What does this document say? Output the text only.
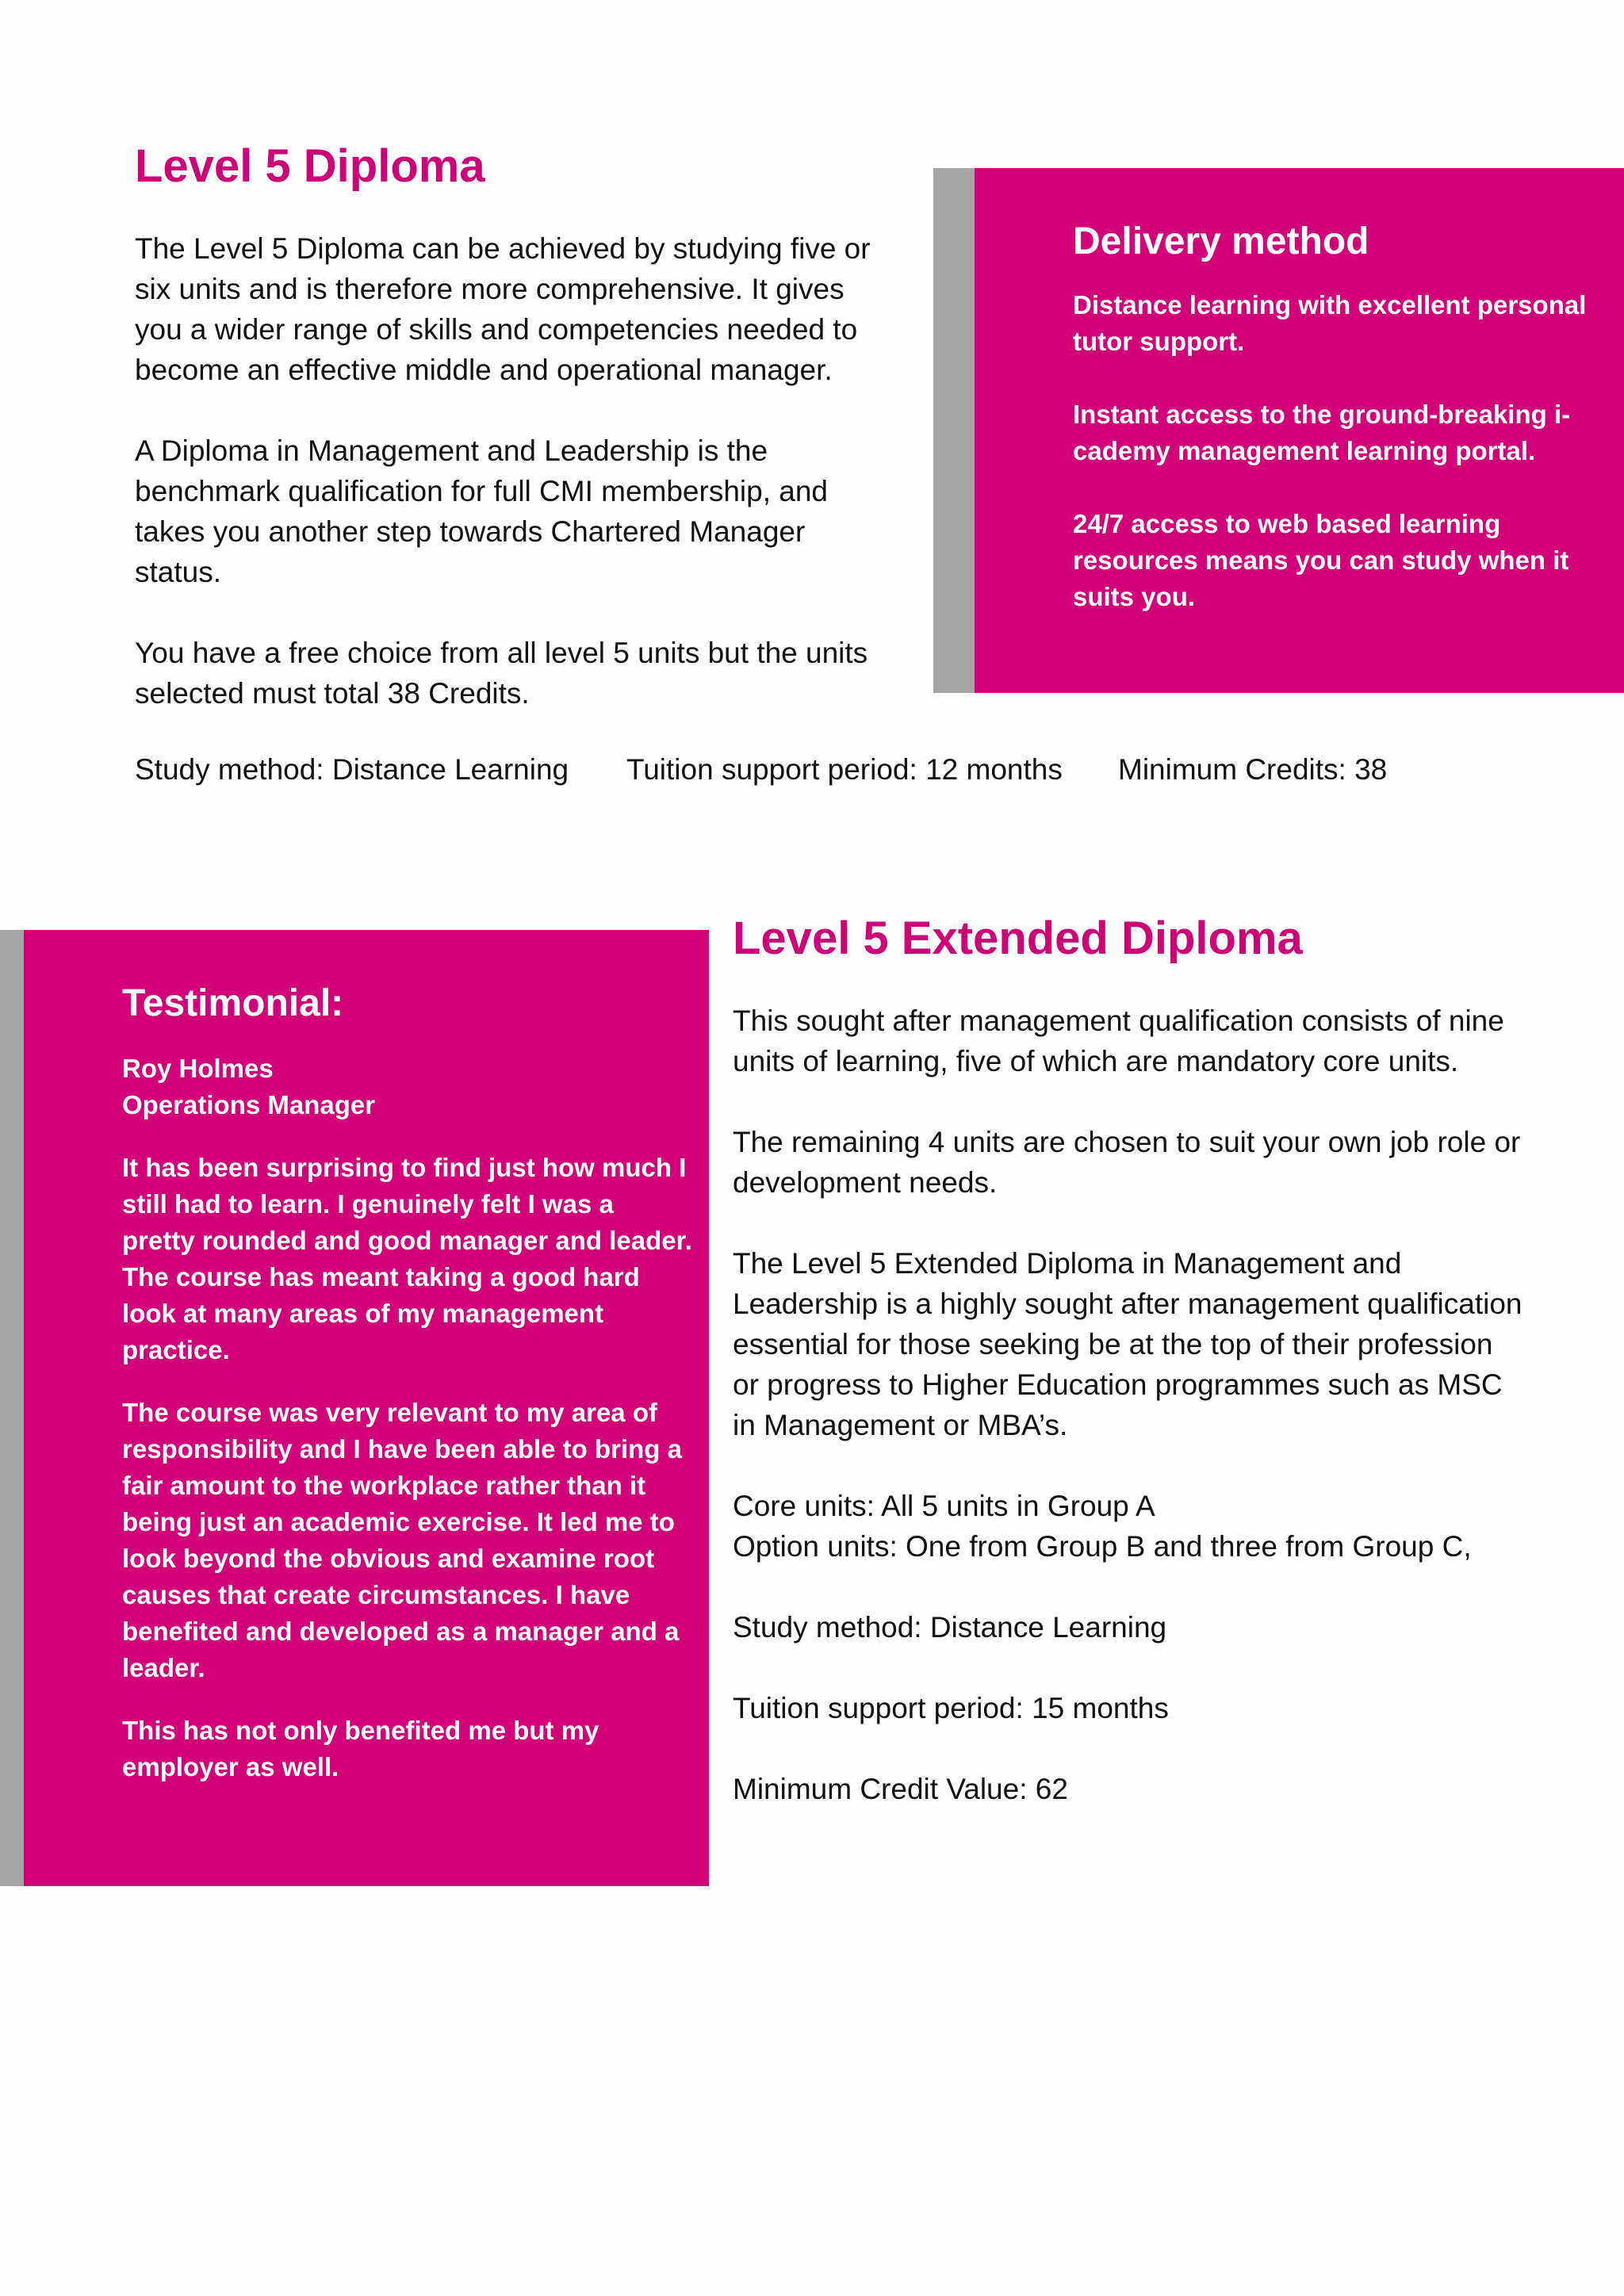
Level 5 Diploma

The Level 5 Diploma can be achieved by studying five or six units and is therefore more comprehensive. It gives you a wider range of skills and competencies needed to become an effective middle and operational manager.

A Diploma in Management and Leadership is the benchmark qualification for full CMI membership, and takes you another step towards Chartered Manager status.

You have a free choice from all level 5 units but the units selected must total 38 Credits.

Study method: Distance Learning Tuition support period: 12 months Minimum Credits: 38
Delivery method

Distance learning with excellent personal tutor support.

Instant access to the ground-breaking i-cademy management learning portal.

24/7 access to web based learning resources means you can study when it suits you.

Testimonial:

Roy Holmes

Operations Manager

It has been surprising to find just how much I still had to learn. I genuinely felt I was a pretty rounded and good manager and leader. The course has meant taking a good hard look at many areas of my management practice.

The course was very relevant to my area of responsibility and I have been able to bring a fair amount to the workplace rather than it being just an academic exercise. It led me to look beyond the obvious and examine root causes that create circumstances. I have benefited and developed as a manager and a leader.

This has not only benefited me but my employer as well.

Level 5 Extended Diploma

This sought after management qualification consists of nine units of learning, five of which are mandatory core units.

The remaining 4 units are chosen to suit your own job role or development needs.

The Level 5 Extended Diploma in Management and Leadership is a highly sought after management qualification essential for those seeking be at the top of their profession or progress to Higher Education programmes such as MSC in Management or MBA’s.

Core units: All 5 units in Group A

Option units: One from Group B and three from Group C,

Study method: Distance Learning

Tuition support period: 15 months

Minimum Credit Value: 62
